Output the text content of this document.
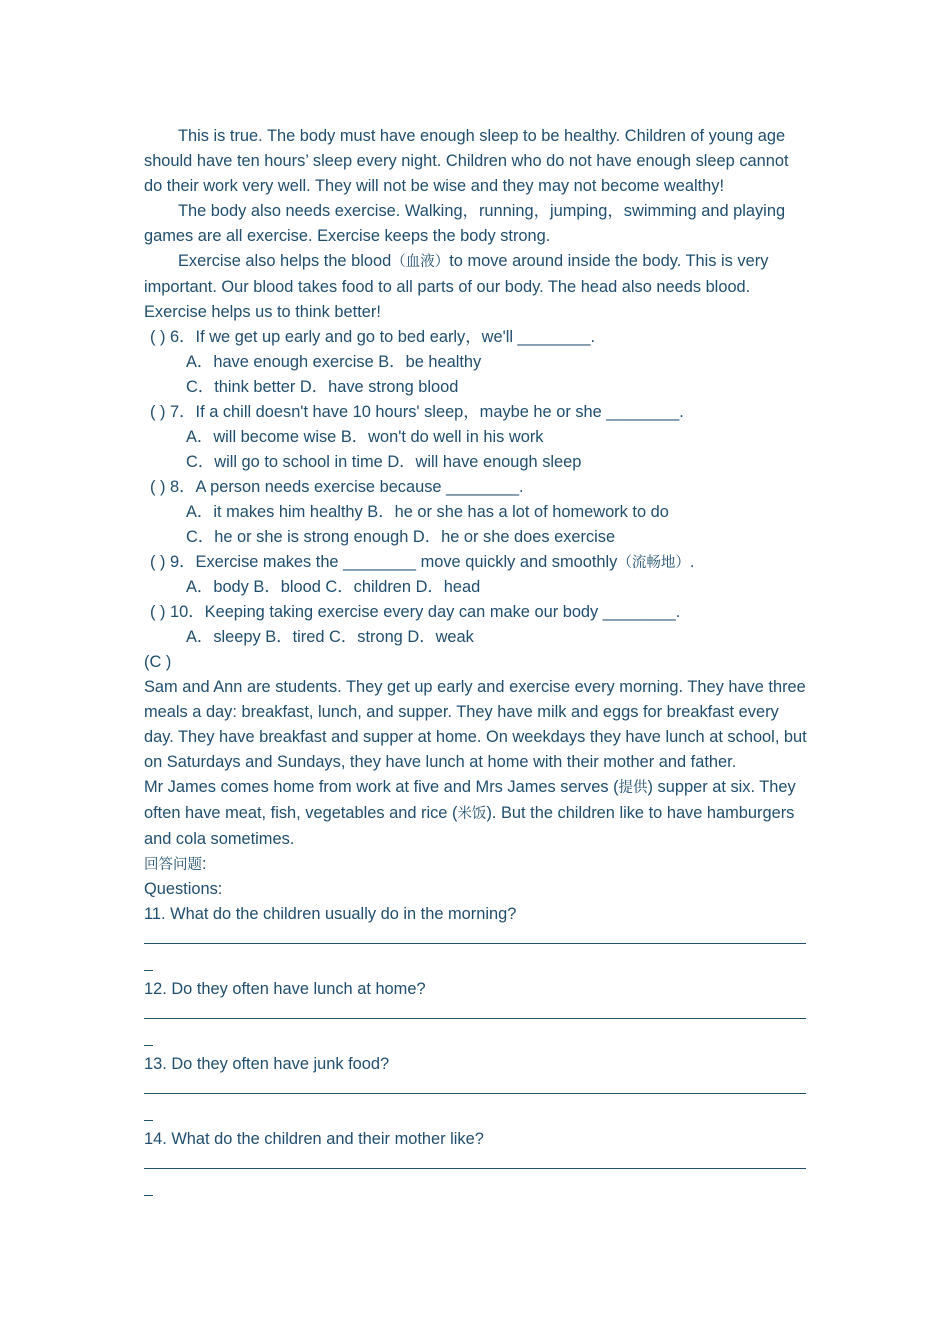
This is true. The body must have enough sleep to be healthy. Children of young age should have ten hours’ sleep every night. Children who do not have enough sleep cannot do their work very well. They will not be wise and they may not become wealthy!

The body also needs exercise. Walking，running，jumping，swimming and playing games are all exercise. Exercise keeps the body strong.

Exercise also helps the blood（血液）to move around inside the body. This is very important. Our blood takes food to all parts of our body. The head also needs blood. Exercise helps us to think better!

( ) 6．If we get up early and go to bed early，we'll ________.
A．have enough exercise B．be healthy
C．think better D．have strong blood
( ) 7．If a chill doesn't have 10 hours' sleep，maybe he or she ________.
A．will become wise B．won't do well in his work
C．will go to school in time D．will have enough sleep
( ) 8．A person needs exercise because ________.
A．it makes him healthy B．he or she has a lot of homework to do
C．he or she is strong enough D．he or she does exercise
( ) 9．Exercise makes the ________ move quickly and smoothly（流畅地）.
A．body B．blood C．children D．head
( ) 10．Keeping taking exercise every day can make our body ________.
A．sleepy B．tired C．strong D．weak
(C )

Sam and Ann are students. They get up early and exercise every morning. They have three meals a day: breakfast, lunch, and supper. They have milk and eggs for breakfast every day. They have breakfast and supper at home. On weekdays they have lunch at school, but on Saturdays and Sundays, they have lunch at home with their mother and father.

Mr James comes home from work at five and Mrs James serves (提供) supper at six. They often have meat, fish, vegetables and rice (米饭). But the children like to have hamburgers and cola sometimes.

回答问题:
Questions:
11. What do the children usually do in the morning?
12. Do they often have lunch at home?
13. Do they often have junk food?
14. What do the children and their mother like?
